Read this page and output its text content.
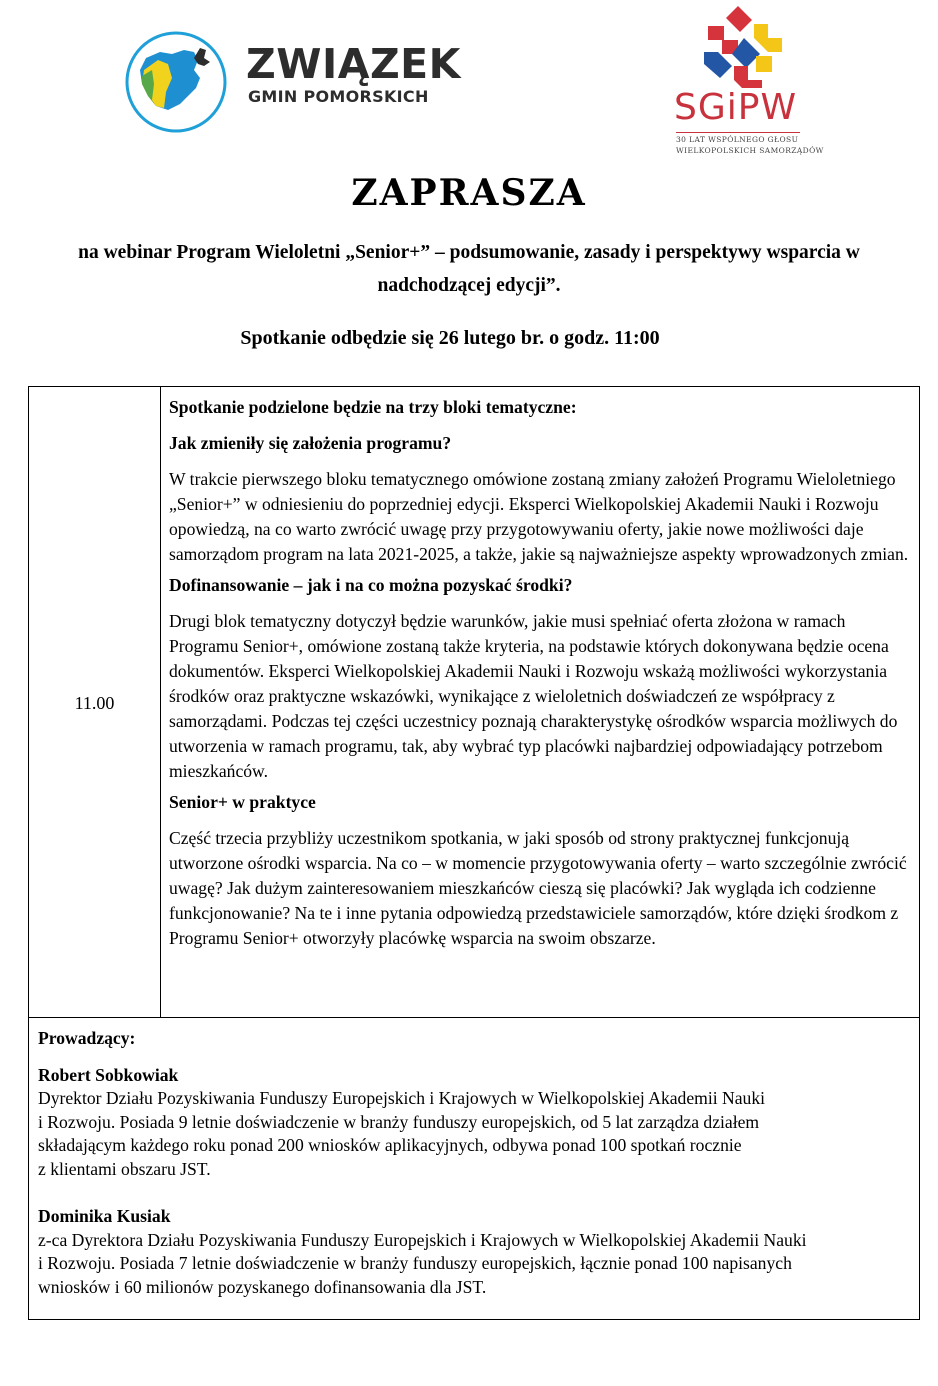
ZWIĄZEK
GMIN POMORSKICH	SGiPW
30 LAT WSPÓLNEGO GŁOSU
WIELKOPOLSKICH SAMORZĄDÓW
ZAPRASZA
na webinar Program Wieloletni „Senior+” – podsumowanie, zasady i perspektywy wsparcia w nadchodzącej edycji”.
Spotkanie odbędzie się 26 lutego br. o godz. 11:00
11.00

Spotkanie podzielone będzie na trzy bloki tematyczne:

Jak zmieniły się założenia programu?

W trakcie pierwszego bloku tematycznego omówione zostaną zmiany założeń Programu Wieloletniego „Senior+” w odniesieniu do poprzedniej edycji. Eksperci Wielkopolskiej Akademii Nauki i Rozwoju opowiedzą, na co warto zwrócić uwagę przy przygotowywaniu oferty, jakie nowe możliwości daje samorządom program na lata 2021-2025, a także, jakie są najważniejsze aspekty wprowadzonych zmian.

Dofinansowanie – jak i na co można pozyskać środki?

Drugi blok tematyczny dotyczył będzie warunków, jakie musi spełniać oferta złożona w ramach Programu Senior+, omówione zostaną także kryteria, na podstawie których dokonywana będzie ocena dokumentów. Eksperci Wielkopolskiej Akademii Nauki i Rozwoju wskażą możliwości wykorzystania środków oraz praktyczne wskazówki, wynikające z wieloletnich doświadczeń ze współpracy z samorządami. Podczas tej części uczestnicy poznają charakterystykę ośrodków wsparcia możliwych do utworzenia w ramach programu, tak, aby wybrać typ placówki najbardziej odpowiadający potrzebom mieszkańców.

Senior+ w praktyce

Część trzecia przybliży uczestnikom spotkania, w jaki sposób od strony praktycznej funkcjonują utworzone ośrodki wsparcia. Na co – w momencie przygotowywania oferty – warto szczególnie zwrócić uwagę? Jak dużym zainteresowaniem mieszkańców cieszą się placówki? Jak wygląda ich codzienne funkcjonowanie? Na te i inne pytania odpowiedzą przedstawiciele samorządów, które dzięki środkom z Programu Senior+ otworzyły placówkę wsparcia na swoim obszarze.

Prowadzący:

Robert Sobkowiak

Dyrektor Działu Pozyskiwania Funduszy Europejskich i Krajowych w Wielkopolskiej Akademii Nauki

i Rozwoju. Posiada 9 letnie doświadczenie w branży funduszy europejskich, od 5 lat zarządza działem

składającym każdego roku ponad 200 wniosków aplikacyjnych, odbywa ponad 100 spotkań rocznie

z klientami obszaru JST.

Dominika Kusiak

z-ca Dyrektora Działu Pozyskiwania Funduszy Europejskich i Krajowych w Wielkopolskiej Akademii Nauki

i Rozwoju. Posiada 7 letnie doświadczenie w branży funduszy europejskich, łącznie ponad 100 napisanych

wniosków i 60 milionów pozyskanego dofinansowania dla JST.
